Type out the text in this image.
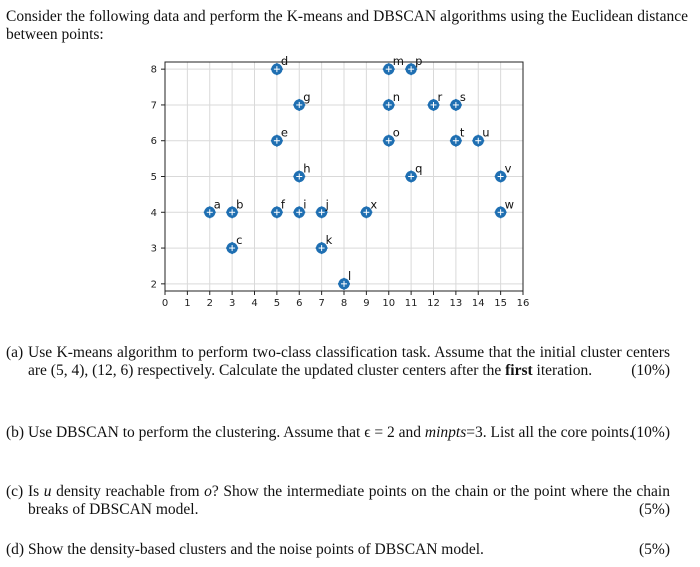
Consider the following data and perform the K-means and DBSCAN algorithms using the Euclidean distance between points:
0 1 2 3 4 5 6 7 8 9 10 11 12 13 14 15 16
2
3
4
5
6
7
8
a b
c
d
e
f
g
h
i j
k
l
x
m p
n
o
q
r s
t u
v
w
(a) Use K-means algorithm to perform two-class classification task. Assume that the initial cluster centers are (5, 4), (12, 6) respectively. Calculate the updated cluster centers after the first iteration.	(10%)
(b) Use DBSCAN to perform the clustering. Assume that ϵ = 2 and minpts=3. List all the core points.
(10%)
(c) Is u density reachable from o? Show the intermediate points on the chain or the point where the chain breaks of DBSCAN model.	(5%)
(d) Show the density-based clusters and the noise points of DBSCAN model.	(5%)
